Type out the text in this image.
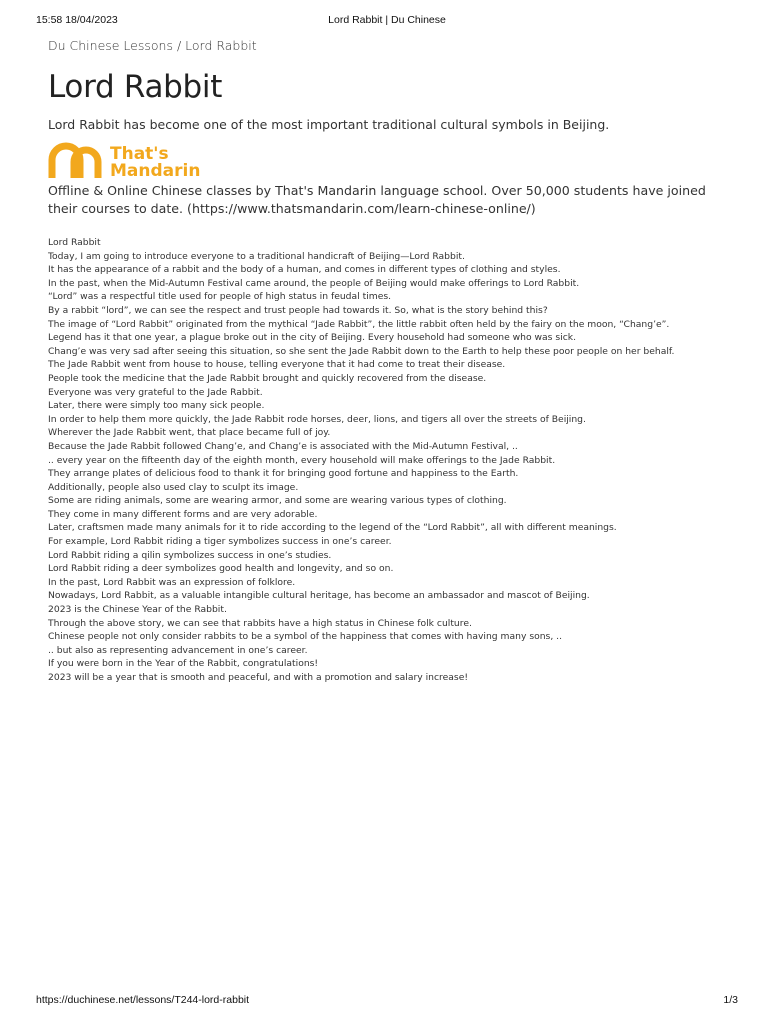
15:58 18/04/2023	Lord Rabbit | Du Chinese
Du Chinese Lessons / Lord Rabbit
Lord Rabbit
Lord Rabbit has become one of the most important traditional cultural symbols in Beijing.
That's
Mandarin
Offline & Online Chinese classes by That's Mandarin language school. Over 50,000 students have joined their courses to date. (https://www.thatsmandarin.com/learn-chinese-online/)

Lord Rabbit

Today, I am going to introduce everyone to a traditional handicraft of Beijing—Lord Rabbit.

It has the appearance of a rabbit and the body of a human, and comes in different types of clothing and styles.

In the past, when the Mid-Autumn Festival came around, the people of Beijing would make offerings to Lord Rabbit.

“Lord” was a respectful title used for people of high status in feudal times.

By a rabbit “lord”, we can see the respect and trust people had towards it. So, what is the story behind this?

The image of “Lord Rabbit” originated from the mythical “Jade Rabbit”, the little rabbit often held by the fairy on the moon, “Chang’e”.

Legend has it that one year, a plague broke out in the city of Beijing. Every household had someone who was sick.

Chang’e was very sad after seeing this situation, so she sent the Jade Rabbit down to the Earth to help these poor people on her behalf.

The Jade Rabbit went from house to house, telling everyone that it had come to treat their disease.

People took the medicine that the Jade Rabbit brought and quickly recovered from the disease.

Everyone was very grateful to the Jade Rabbit.

Later, there were simply too many sick people.

In order to help them more quickly, the Jade Rabbit rode horses, deer, lions, and tigers all over the streets of Beijing.

Wherever the Jade Rabbit went, that place became full of joy.

Because the Jade Rabbit followed Chang’e, and Chang’e is associated with the Mid-Autumn Festival, ..

.. every year on the fifteenth day of the eighth month, every household will make offerings to the Jade Rabbit.

They arrange plates of delicious food to thank it for bringing good fortune and happiness to the Earth.

Additionally, people also used clay to sculpt its image.

Some are riding animals, some are wearing armor, and some are wearing various types of clothing.

They come in many different forms and are very adorable.

Later, craftsmen made many animals for it to ride according to the legend of the “Lord Rabbit”, all with different meanings.

For example, Lord Rabbit riding a tiger symbolizes success in one’s career.

Lord Rabbit riding a qilin symbolizes success in one’s studies.

Lord Rabbit riding a deer symbolizes good health and longevity, and so on.

In the past, Lord Rabbit was an expression of folklore.

Nowadays, Lord Rabbit, as a valuable intangible cultural heritage, has become an ambassador and mascot of Beijing.

2023 is the Chinese Year of the Rabbit.

Through the above story, we can see that rabbits have a high status in Chinese folk culture.

Chinese people not only consider rabbits to be a symbol of the happiness that comes with having many sons, ..

.. but also as representing advancement in one’s career.

If you were born in the Year of the Rabbit, congratulations!

2023 will be a year that is smooth and peaceful, and with a promotion and salary increase!

https://duchinese.net/lessons/T244-lord-rabbit	1/3
